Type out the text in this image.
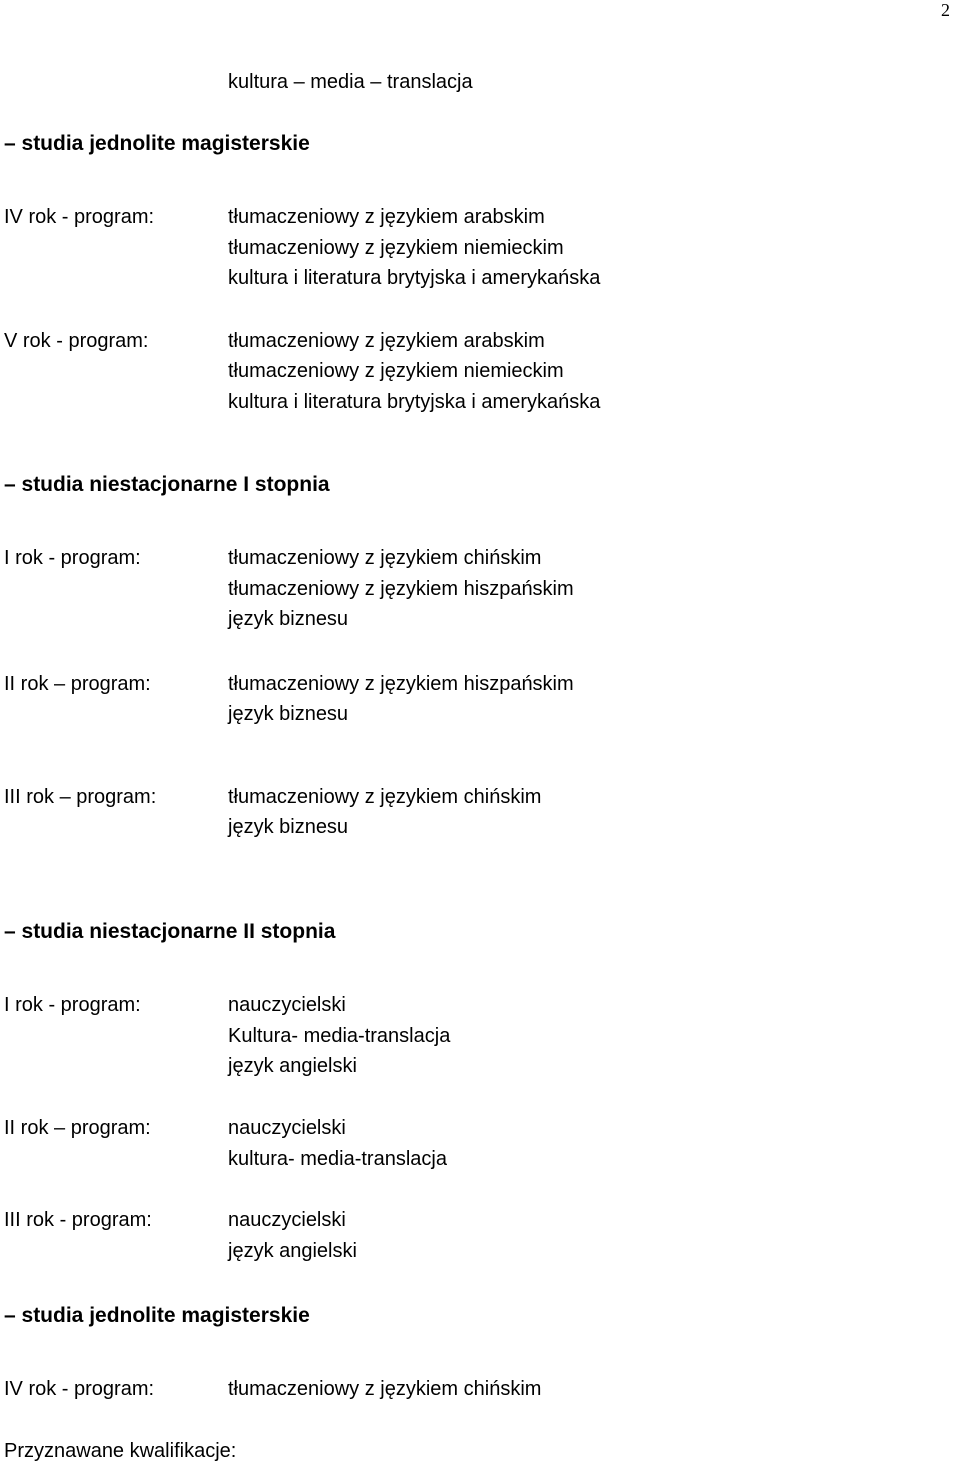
2
kultura – media – translacja
– studia jednolite magisterskie
IV rok - program:	tłumaczeniowy z językiem arabskim
tłumaczeniowy z językiem niemieckim
kultura i literatura brytyjska i amerykańska
V rok - program:	tłumaczeniowy z językiem arabskim
tłumaczeniowy z językiem niemieckim
kultura i literatura brytyjska i amerykańska
– studia niestacjonarne I stopnia
I rok - program:	tłumaczeniowy z językiem chińskim
tłumaczeniowy z językiem hiszpańskim
język biznesu
II rok – program:	tłumaczeniowy z językiem hiszpańskim
język biznesu
III rok – program:	tłumaczeniowy z językiem chińskim
język biznesu
– studia niestacjonarne II stopnia
I rok - program:	nauczycielski
Kultura- media-translacja
język angielski
II rok – program:	nauczycielski
kultura- media-translacja
III rok - program:	nauczycielski
język angielski
– studia jednolite magisterskie
IV rok - program:	tłumaczeniowy z językiem chińskim
Przyznawane kwalifikacje:
